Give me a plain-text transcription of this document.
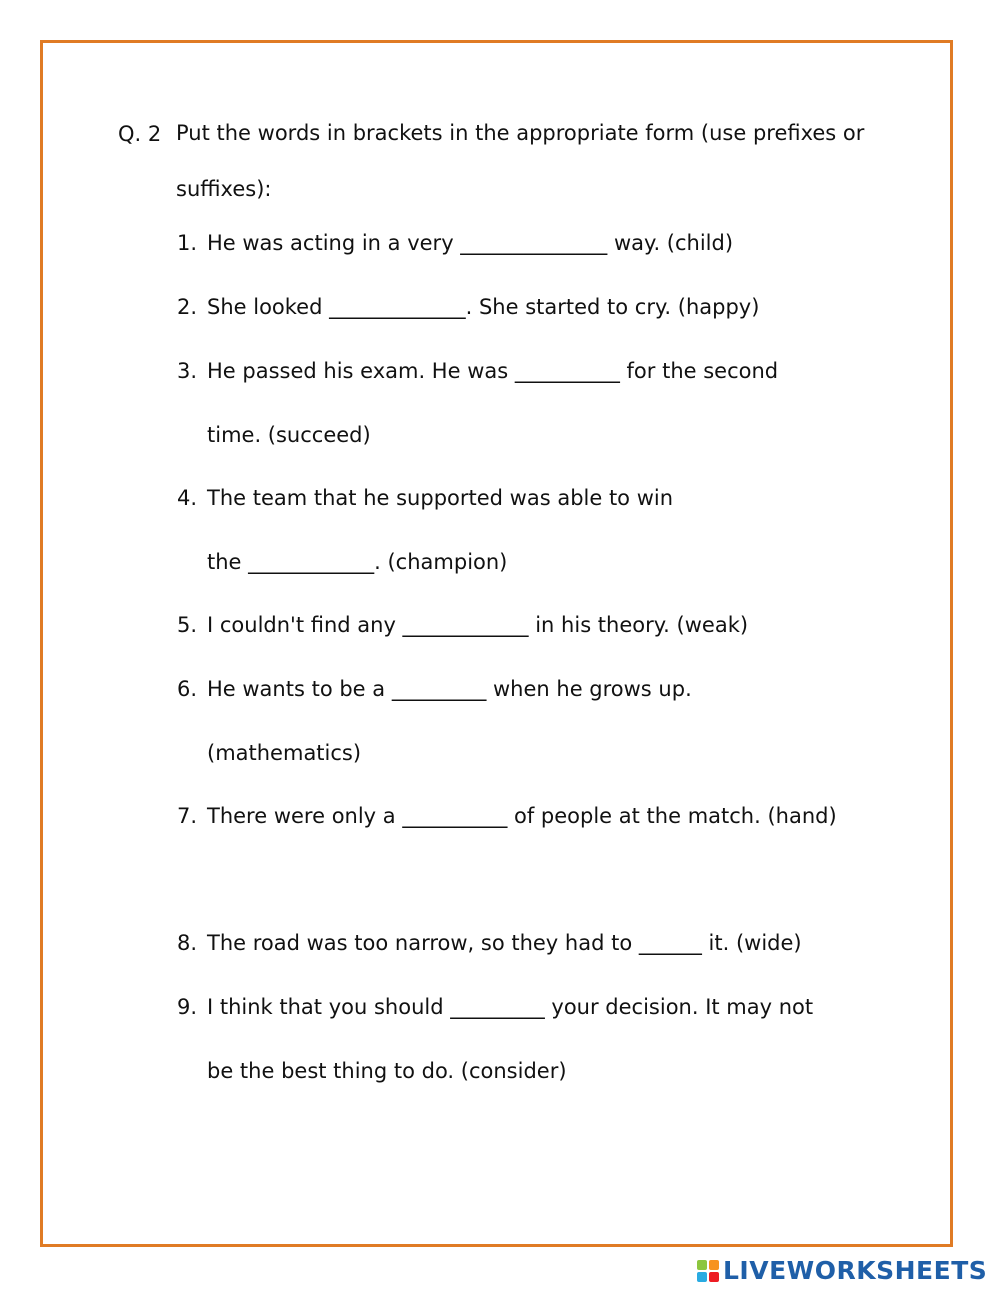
Q. 2 Put the words in brackets in the appropriate form (use prefixes or suffixes):
1. He was acting in a very ______________ way. (child)
2. She looked _____________. She started to cry. (happy)
3. He passed his exam. He was __________ for the second time. (succeed)
4. The team that he supported was able to win the ____________. (champion)
5. I couldn't find any ____________ in his theory. (weak)
6. He wants to be a _________ when he grows up. (mathematics)
7. There were only a __________ of people at the match. (hand)
8. The road was too narrow, so they had to ______ it. (wide)
9. I think that you should _________ your decision. It may not be the best thing to do. (consider)
LIVEWORKSHEETS
